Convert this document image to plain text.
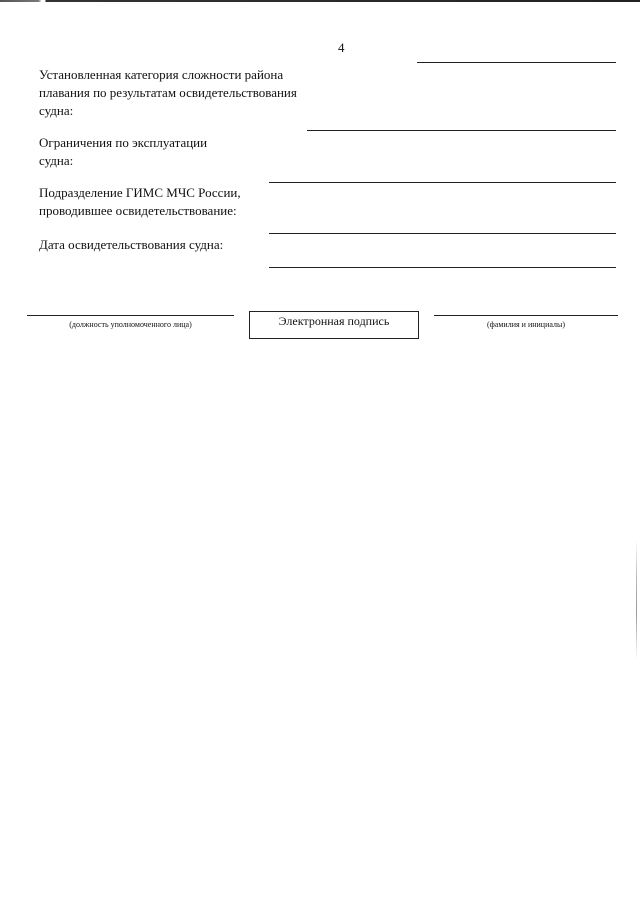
4
Установленная категория сложности района
плавания по результатам освидетельствования
судна:
Ограничения по эксплуатации
судна:
Подразделение ГИМС МЧС России,
проводившее освидетельствование:
Дата освидетельствования судна:
(должность уполномоченного лица)	Электронная подпись	(фамилия и инициалы)
